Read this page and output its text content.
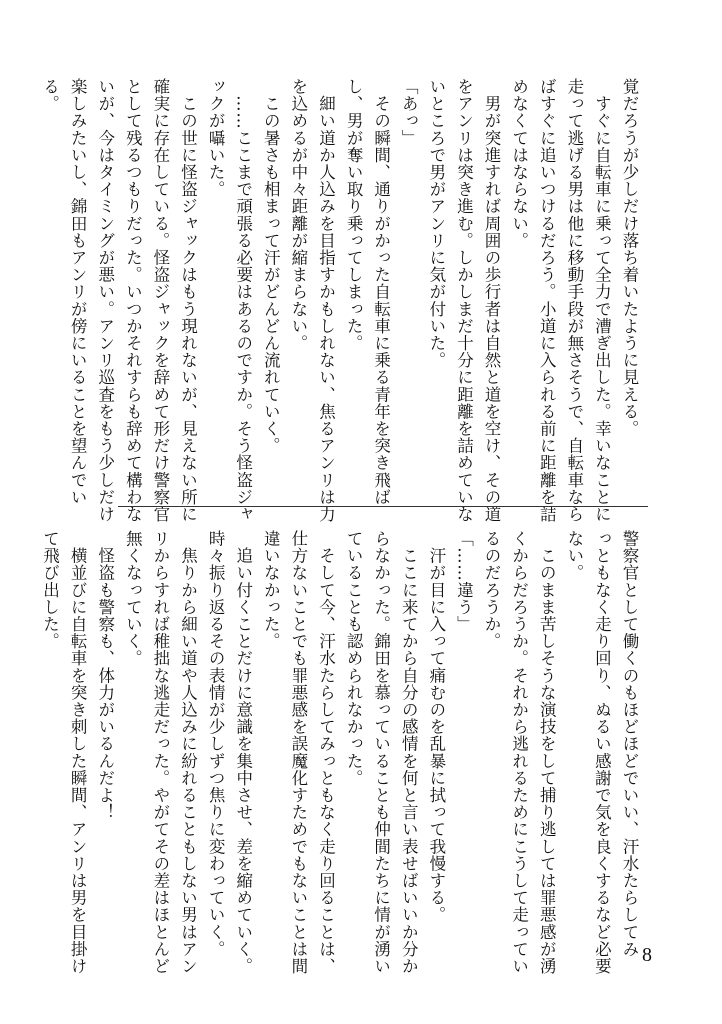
覚だろうが少しだけ落ち着いたように見える。
　すぐに自転車に乗って全力で漕ぎ出した。幸いなことに
走って逃げる男は他に移動手段が無さそうで、自転車なら
ばすぐに追いつけるだろう。小道に入られる前に距離を詰
めなくてはならない。
　男が突進すれば周囲の歩行者は自然と道を空け、その道
をアンリは突き進む。しかしまだ十分に距離を詰めていな
いところで男がアンリに気が付いた。
「あっ」
　その瞬間、通りがかった自転車に乗る青年を突き飛ば
し、男が奪い取り乗ってしまった。
　細い道か人込みを目指すかもしれない、焦るアンリは力
を込めるが中々距離が縮まらない。
　この暑さも相まって汗がどんどん流れていく。
　……ここまで頑張る必要はあるのですか。そう怪盗ジャ
ックが囁いた。
　この世に怪盗ジャックはもう現れないが、見えない所に
確実に存在している。怪盗ジャックを辞めて形だけ警察官
として残るつもりだった。いつかそれすらも辞めて構わな
いが、今はタイミングが悪い。アンリ巡査をもう少しだけ
楽しみたいし、錦田もアンリが傍にいることを望んでい
る。
警察官として働くのもほどほどでいい、汗水たらしてみ
っともなく走り回り、ぬるい感謝で気を良くするなど必要
ない。
　このまま苦しそうな演技をして捕り逃しては罪悪感が湧
くからだろうか。それから逃れるためにこうして走ってい
るのだろうか。
「……違う」
　汗が目に入って痛むのを乱暴に拭って我慢する。
　ここに来てから自分の感情を何と言い表せばいいか分か
らなかった。錦田を慕っていることも仲間たちに情が湧い
ていることも認められなかった。
　そして今、汗水たらしてみっともなく走り回ることは、
仕方ないことでも罪悪感を誤魔化すためでもないことは間
違いなかった。
　追い付くことだけに意識を集中させ、差を縮めていく。
時々振り返るその表情が少しずつ焦りに変わっていく。
　焦りから細い道や人込みに紛れることもしない男はアン
リからすれば稚拙な逃走だった。やがてその差はほとんど
無くなっていく。
　怪盗も警察も、体力がいるんだよ！
　横並びに自転車を突き刺した瞬間、アンリは男を目掛け
て飛び出した。
8
